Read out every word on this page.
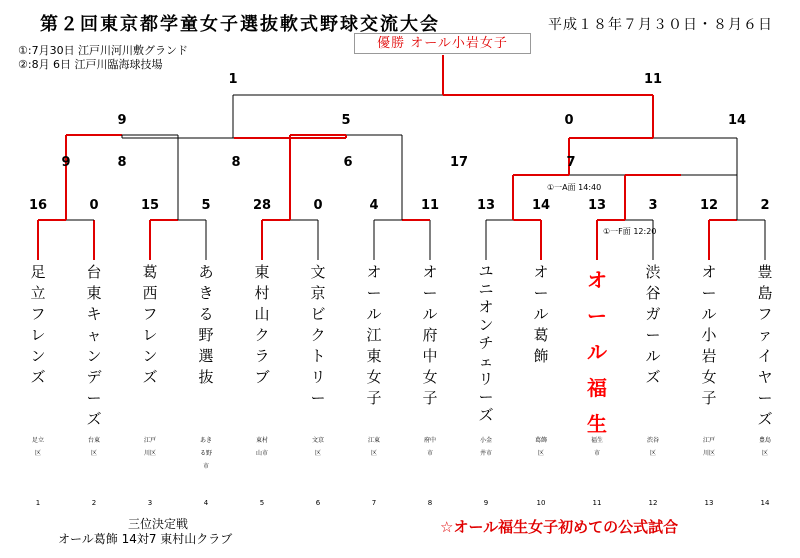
第２回東京都学童女子選抜軟式野球交流大会	平成１８年７月３０日・８月６日
①:7月30日 江戸川河川敷グランド
②:8月 6日 江戸川臨海球技場
優勝 オール小岩女子
16
足立フレンズ
足立区
1
0
台東キャンデーズ
台東区
2
15
葛西フレンズ
江戸川区
3
5
あきる野選抜
あきる野市
4
28
東村山クラブ
東村山市
5
0
文京ビクトリー
文京区
6
4
オール江東女子
江東区
7
11
オール府中女子
府中市
8
13
ユニオンチェリーズ
小金井市
9
14
オール葛飾
葛飾区
10
13
オール福生
福生市
11
3
渋谷ガールズ
渋谷区
12
12
オール小岩女子
江戸川区
13
2
豊島ファイヤーズ
豊島区
14
9	8	8	6	17	7
9	5	0	14
1	11
①一A面 14:40
①一F面 12:20
三位決定戦
オール葛飾 14対7 東村山クラブ
☆オール福生女子初めての公式試合
